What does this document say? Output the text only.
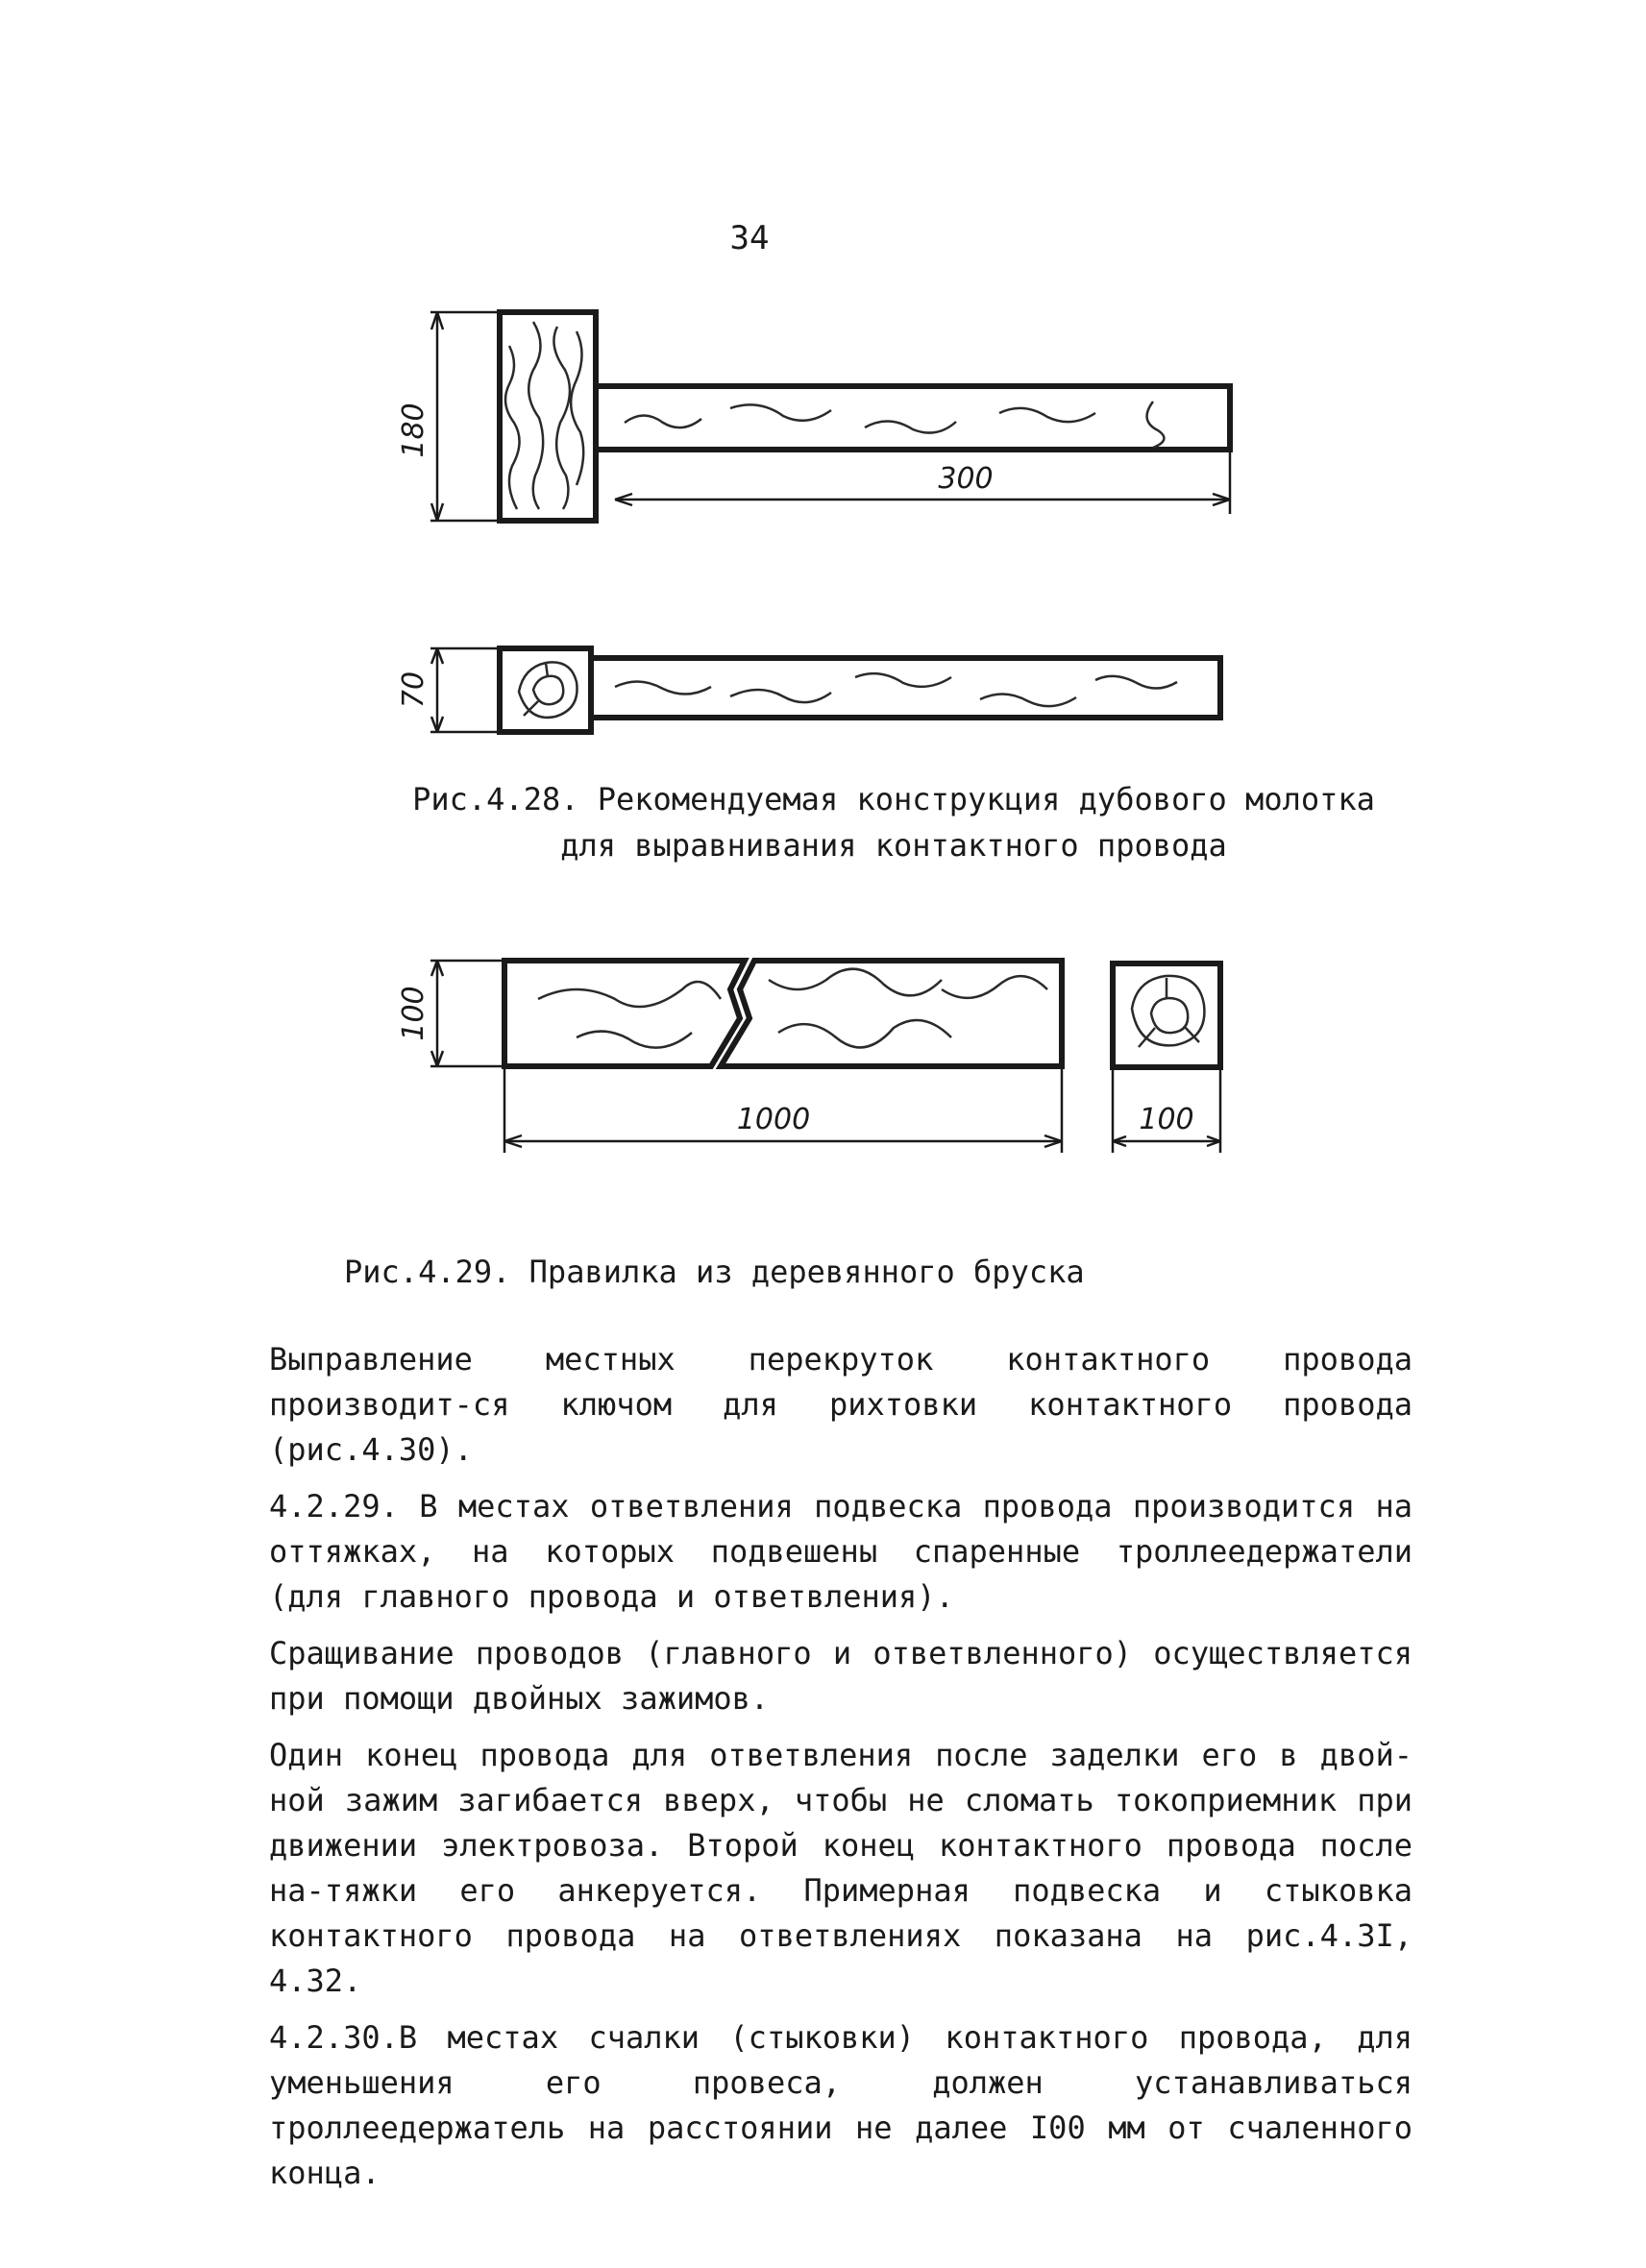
34
180
300
70
Рис.4.28. Рекомендуемая конструкция дубового молотка
для выравнивания контактного провода
100
1000	100
Рис.4.29. Правилка из деревянного бруска

Выправление местных перекруток контактного провода производит-ся ключом для рихтовки контактного провода (рис.4.30).

4.2.29. В местах ответвления подвеска провода производится на оттяжках, на которых подвешены спаренные троллеедержатели (для главного провода и ответвления).

Сращивание проводов (главного и ответвленного) осуществляется при помощи двойных зажимов.

Один конец провода для ответвления после заделки его в двой-ной зажим загибается вверх, чтобы не сломать токоприемник при движении электровоза. Второй конец контактного провода после на-тяжки его анкеруется. Примерная подвеска и стыковка контактного провода на ответвлениях показана на рис.4.3I, 4.32.

4.2.30.В местах счалки (стыковки) контактного провода, для уменьшения его провеса, должен устанавливаться троллеедержатель на расстоянии не далее I00 мм от счаленного конца.
